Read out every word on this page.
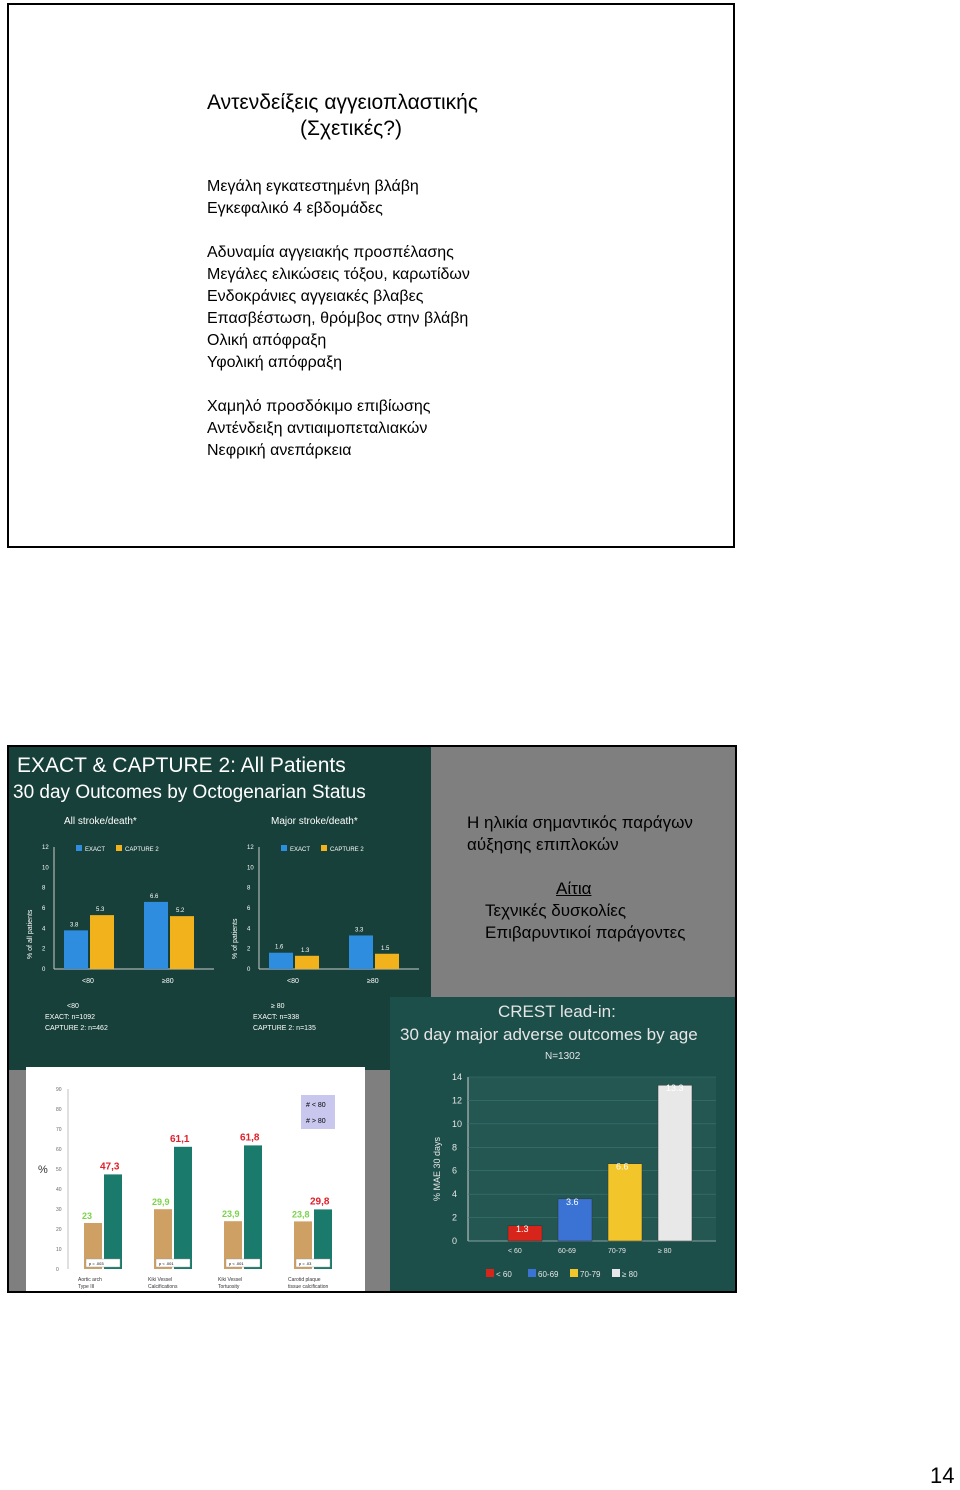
Αντενδείξεις αγγειοπλαστικής
(Σχετικές?)

Μεγάλη εγκατεστημένη βλάβη

Εγκεφαλικό 4 εβδομάδες

Αδυναμία αγγειακής προσπέλασης

Μεγάλες ελικώσεις τόξου, καρωτίδων

Ενδοκράνιες αγγειακές βλαβες

Επασβέστωση, θρόμβος στην βλάβη

Ολική απόφραξη

Υφολική απόφραξη

Χαμηλό προσδόκιμο επιβίωσης

Αντένδειξη αντιαιμοπεταλιακών

Νεφρική ανεπάρκεια

EXACT & CAPTURE 2: All Patients
30 day Outcomes by Octogenarian Status
All stroke/death*
EXACT	CAPTURE 2
0
2
4
6
8
10
12
% of all patients	3.8
5.3
<80
6.6
5.2
≥80
Major stroke/death*
EXACT	CAPTURE 2
0
2
4
6
8
10
12
% of patients	1.6
1.3
<80
3.3
1.5
≥80
<80
EXACT: n=1092
CAPTURE 2: n=462
≥ 80
EXACT: n=338
CAPTURE 2: n=135
CREST lead-in:
30 day major adverse outcomes by age
N=1302
0
2
4
6
8
10
12
14
% MAE 30 days
1.3
< 60
3.6
60-69
6.6
70-79
13.3
≥ 80
< 60	60-69	70-79	≥ 80
0
10
20
30
40
50
60
70
80
90
%
# < 80
# > 80
23
47,3
p = .003
Aortic arch
Type III
29,9
61,1
p < .001
Kiki Vessel
Calcifications
23,9
61,8
p < .001
Kiki Vessel
Tortuosity
23,8
29,8
p = .03
Carotid plaque
tissue calcification

Η ηλικία σημαντικός παράγων

αύξησης επιπλοκών

Αίτια

Τεχνικές δυσκολίες

Επιβαρυντικοί παράγοντες

14
